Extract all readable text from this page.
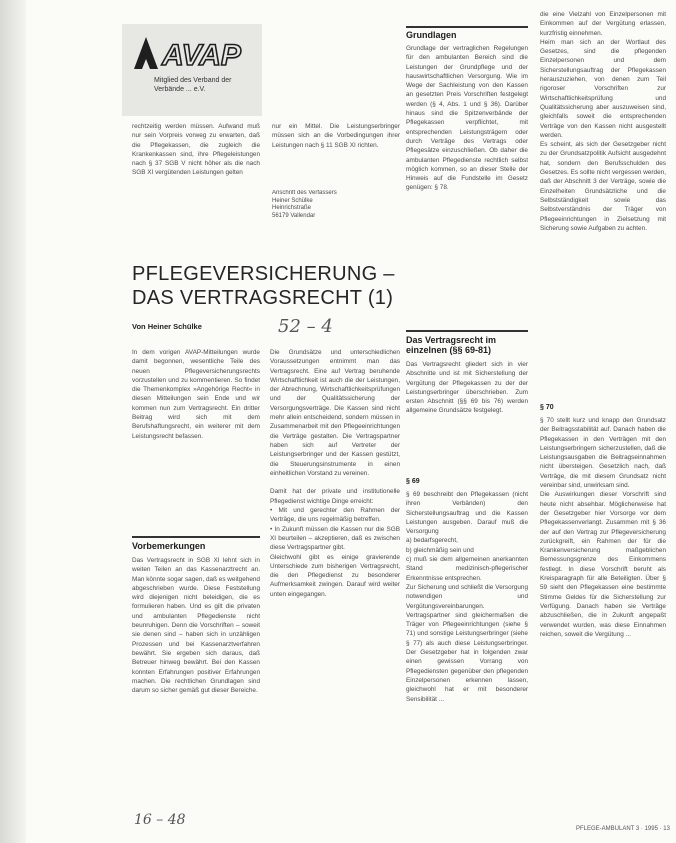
AVAP
Mitglied des Verband der Verbände ... e.V.

rechtzeitig werden müssen. Aufwand muß nur sein Vorpreis vorweg zu erwarten, daß die Pflegekassen, die zugleich die Krankenkassen sind, ihre Pflegeleistungen nach § 37 SGB V nicht höher als die nach SGB XI vergütenden Leistungen gelten

nur ein Mittel. Die Leistungserbringer müssen sich an die Vorbedingungen ihrer Leistungen nach § 11 SGB XI richten.

Anschrift des Verfassers
Heiner Schülke
Heinrichstraße
56179 Vallendar

PFLEGEVERSICHERUNG –
DAS VERTRAGSRECHT (1)
Von Heiner Schülke	52 – 4

In dem vorigen AVAP-Mitteilungen wurde damit begonnen, wesentliche Teile des neuen Pflegeversicherungsrechts vorzustellen und zu kommentieren. So findet die Themenkomplex »Angehörige Recht« in diesen Mitteilungen sein Ende und wir kommen nun zum Vertragsrecht. Ein dritter Beitrag wird sich mit dem Berufshaftungsrecht, ein weiterer mit dem Leistungsrecht befassen.

Die Grundsätze und unterschiedlichen Voraussetzungen entnimmt man das Vertragsrecht. Eine auf Vertrag beruhende Wirtschaftlichkeit ist auch die der Leistungen, der Abrechnung, Wirtschaftlichkeitsprüfungen und der Qualitätssicherung der Versorgungsverträge. Die Kassen sind nicht mehr allein entscheidend, sondern müssen in Zusammenarbeit mit den Pflegeeinrichtungen die Verträge gestalten. Die Vertragspartner haben sich auf Vertreter der Leistungserbringer und der Kassen gestützt, die Steuerungsinstrumente in einen einheitlichen Vorstand zu vereinen.

Damit hat der private und institutionelle Pflegedienst wichtige Dinge erreicht:
• Mit und gerechter den Rahmen der Verträge, die uns regelmäßig betreffen.
• In Zukunft müssen die Kassen nur die SGB XI beurteilen – akzeptieren, daß es zwischen diese Vertragspartner gibt.
Gleichwohl gibt es einige gravierende Unterschiede zum bisherigen Vertragsrecht, die den Pflegedienst zu besonderer Aufmerksamkeit zwingen. Darauf wird weiter unten eingegangen.

Vorbemerkungen

Das Vertragsrecht in SGB XI lehnt sich in weiten Teilen an das Kassenarztrecht an. Man könnte sogar sagen, daß es weitgehend abgeschrieben wurde. Diese Feststellung wird diejenigen nicht beleidigen, die es formulieren haben. Und es gilt die privaten und ambulanten Pflegedienste nicht beunruhigen. Denn die Vorschriften – soweit sie denen sind – haben sich in unzähligen Prozessen und bei Kassenarztverfahren bewährt. Sie ergeben sich daraus, daß Betreuer hinweg bewährt. Bei den Kassen konnten Erfahrungen positiver Erfahrungen machen. Die rechtlichen Grundlagen sind darum so sicher gemäß gut dieser Bereiche.

Grundlagen

Grundlage der vertraglichen Regelungen für den ambulanten Bereich sind die Leistungen der Grundpflege und der hauswirtschaftlichen Versorgung. Wie im Wege der Sachleistung von den Kassen an gesetzten Preis Vorschriften festgelegt werden (§ 4, Abs. 1 und § 36). Darüber hinaus sind die Spitzenverbände der Pflegekassen verpflichtet, mit entsprechenden Leistungsträgern oder durch Verträge des Vertrags oder Pflegesätze einzuschließen. Ob daher die ambulanten Pflegedienste rechtlich selbst möglich kommen, so an dieser Stelle der Hinweis auf die Fundstelle im Gesetz genügen: § 78.

Das Vertragsrecht im einzelnen (§§ 69-81)

Das Vertragsrecht gliedert sich in vier Abschnitte und ist mit Sicherstellung der Vergütung der Pflegekassen zu der der Leistungserbringer überschrieben. Zum ersten Abschnitt (§§ 69 bis 76) werden allgemeine Grundsätze festgelegt.

§ 69

§ 69 beschreibt den Pflegekassen (nicht ihren Verbänden) den Sicherstellungsauftrag und die Kassen Leistungen ausgeben. Darauf muß die Versorgung
a) bedarfsgerecht,
b) gleichmäßig sein und
c) muß sie dem allgemeinen anerkannten Stand medizinisch-pflegerischer Erkenntnisse entsprechen.
Zur Sicherung und schließt die Versorgung notwendigen und Vergütungsvereinbarungen. Vertragspartner sind gleichermaßen die Träger von Pflegeeinrichtungen (siehe § 71) und sonstige Leistungserbringer (siehe § 77) als auch diese Leistungserbringer. Der Gesetzgeber hat in folgenden zwar einen gewissen Vorrang von Pflegediensten gegenüber den pflegenden Einzelpersonen erkennen lassen, gleichwohl hat er mit besonderer Sensibilität ...

die eine Vielzahl von Einzelpersonen mit Einkommen auf der Vergütung erlassen, kurzfristig einnehmen.
Heim man sich an der Wortlaut des Gesetzes, sind die pflegenden Einzelpersonen und dem Sicherstellungsauftrag der Pflegekassen herauszuziehen, von denen zum Teil rigoroser Vorschriften zur Wirtschaftlichkeitsprüfung und Qualitätssicherung aber auszuweisen sind, gleichfalls soweit die entsprechenden Verträge von den Kassen nicht ausgestellt werden.
Es scheint, als sich der Gesetzgeber nicht zu der Grundsatzpolitik Aufsicht ausgedehnt hat, sondern den Berufsschulden des Gesetzes. Es sollte nicht vergessen werden, daß der Abschnitt 3 der Verträge, sowie die Einzelheiten Grundsätzliche und die Selbstständigkeit sowie das Selbstverständnis der Träger von Pflegeeinrichtungen in Zielsetzung mit Sicherung sowie Aufgaben zu achten.

§ 70

§ 70 stellt kurz und knapp den Grundsatz der Beitragsstabilität auf. Danach haben die Pflegekassen in den Verträgen mit den Leistungserbringern sicherzustellen, daß die Leistungsausgaben die Beitragseinnahmen nicht übersteigen. Gesetzlich nach, daß Verträge, die mit diesem Grundsatz nicht vereinbar sind, unwirksam sind.
Die Auswirkungen dieser Vorschrift sind heute nicht absehbar. Möglicherweise hat der Gesetzgeber hier Vorsorge vor dem Pflegekassenverlangt. Zusammen mit § 36 der auf den Vertrag zur Pflegeversicherung zurückgreift, ein Rahmen der für die Krankenversicherung maßgeblichen Bemessungsgrenze des Einkommens festlegt. In diese Vorschrift beruht als Kreisparagraph für alle Beteiligten. Über § 59 sieht den Pflegekassen eine bestimmte Stimme Geldes für die Sicherstellung zur Verfügung. Danach haben sie Verträge abzuschließen, die in Zukunft angepaßt verwendet wurden, was diese Einnahmen reichen, soweit die Vergütung ...

16 – 48
PFLEGE-AMBULANT 3 · 1995 · 13
